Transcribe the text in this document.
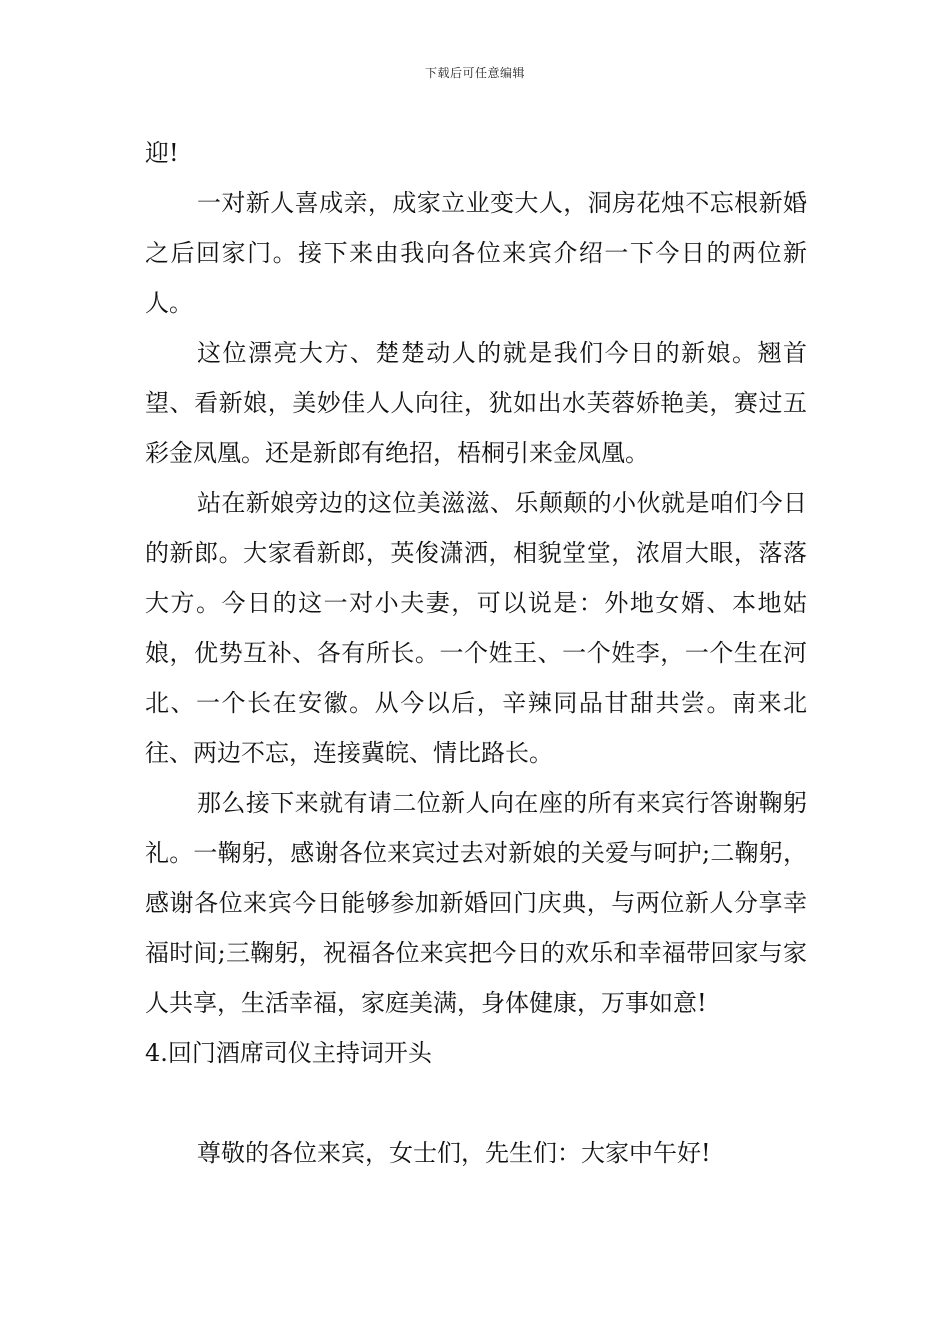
下载后可任意编辑

迎!

一对新人喜成亲，成家立业变大人，洞房花烛不忘根新婚之后回家门。接下来由我向各位来宾介绍一下今日的两位新人。

这位漂亮大方、楚楚动人的就是我们今日的新娘。翘首望、看新娘，美妙佳人人向往，犹如出水芙蓉娇艳美，赛过五彩金凤凰。还是新郎有绝招，梧桐引来金凤凰。

站在新娘旁边的这位美滋滋、乐颠颠的小伙就是咱们今日的新郎。大家看新郎，英俊潇洒，相貌堂堂，浓眉大眼，落落大方。今日的这一对小夫妻，可以说是：外地女婿、本地姑娘，优势互补、各有所长。一个姓王、一个姓李，一个生在河北、一个长在安徽。从今以后，辛辣同品甘甜共尝。南来北往、两边不忘，连接冀皖、情比路长。

那么接下来就有请二位新人向在座的所有来宾行答谢鞠躬礼。一鞠躬，感谢各位来宾过去对新娘的关爱与呵护;二鞠躬，感谢各位来宾今日能够参加新婚回门庆典，与两位新人分享幸福时间;三鞠躬，祝福各位来宾把今日的欢乐和幸福带回家与家人共享，生活幸福，家庭美满，身体健康，万事如意!

4.回门酒席司仪主持词开头

尊敬的各位来宾，女士们，先生们：大家中午好!
